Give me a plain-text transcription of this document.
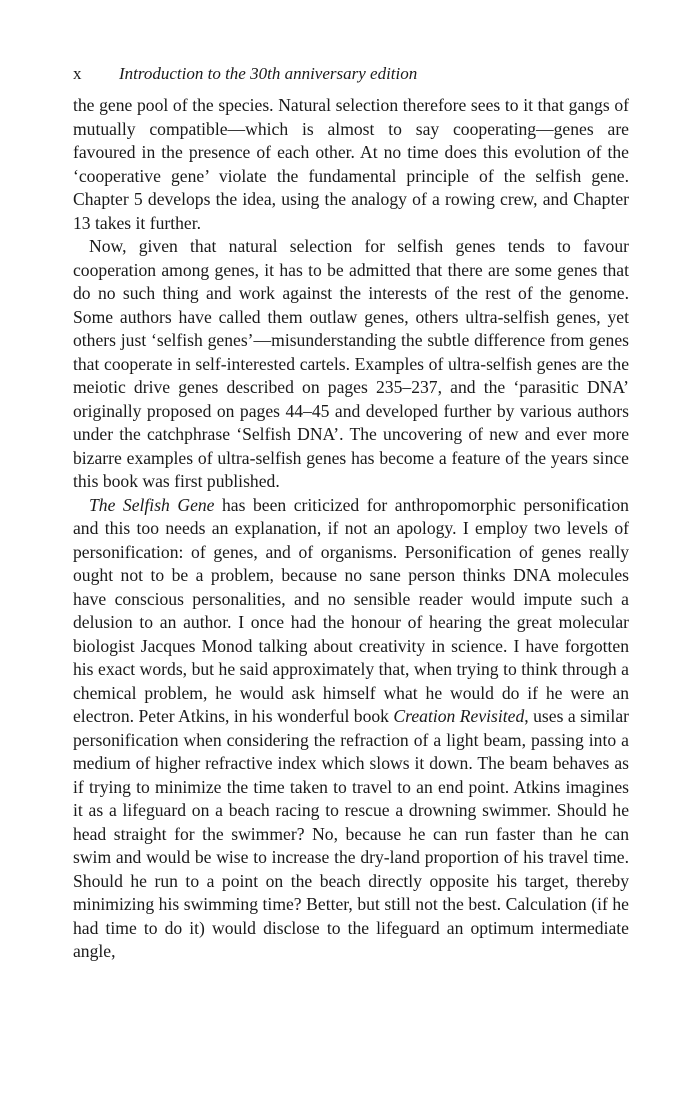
x	Introduction to the 30th anniversary edition

the gene pool of the species. Natural selection therefore sees to it that gangs of mutually compatible—which is almost to say cooperating—genes are favoured in the presence of each other. At no time does this evolution of the ‘cooperative gene’ violate the fundamental principle of the selfish gene. Chapter 5 develops the idea, using the analogy of a rowing crew, and Chapter 13 takes it further.

Now, given that natural selection for selfish genes tends to favour cooperation among genes, it has to be admitted that there are some genes that do no such thing and work against the interests of the rest of the genome. Some authors have called them outlaw genes, others ultra-selfish genes, yet others just ‘selfish genes’—misunderstanding the subtle difference from genes that cooperate in self-interested cartels. Examples of ultra-selfish genes are the meiotic drive genes described on pages 235–237, and the ‘parasitic DNA’ originally proposed on pages 44–45 and developed further by various authors under the catchphrase ‘Selfish DNA’. The uncovering of new and ever more bizarre examples of ultra-selfish genes has become a feature of the years since this book was first published.

The Selfish Gene has been criticized for anthropomorphic personification and this too needs an explanation, if not an apology. I employ two levels of personification: of genes, and of organisms. Personification of genes really ought not to be a problem, because no sane person thinks DNA molecules have conscious personalities, and no sensible reader would impute such a delusion to an author. I once had the honour of hearing the great molecular biologist Jacques Monod talking about creativity in science. I have forgotten his exact words, but he said approximately that, when trying to think through a chemical problem, he would ask himself what he would do if he were an electron. Peter Atkins, in his wonderful book Creation Revisited, uses a similar personification when considering the refraction of a light beam, passing into a medium of higher refractive index which slows it down. The beam behaves as if trying to minimize the time taken to travel to an end point. Atkins imagines it as a lifeguard on a beach racing to rescue a drowning swimmer. Should he head straight for the swimmer? No, because he can run faster than he can swim and would be wise to increase the dry-land proportion of his travel time. Should he run to a point on the beach directly opposite his target, thereby minimizing his swimming time? Better, but still not the best. Calculation (if he had time to do it) would disclose to the lifeguard an optimum intermediate angle,
